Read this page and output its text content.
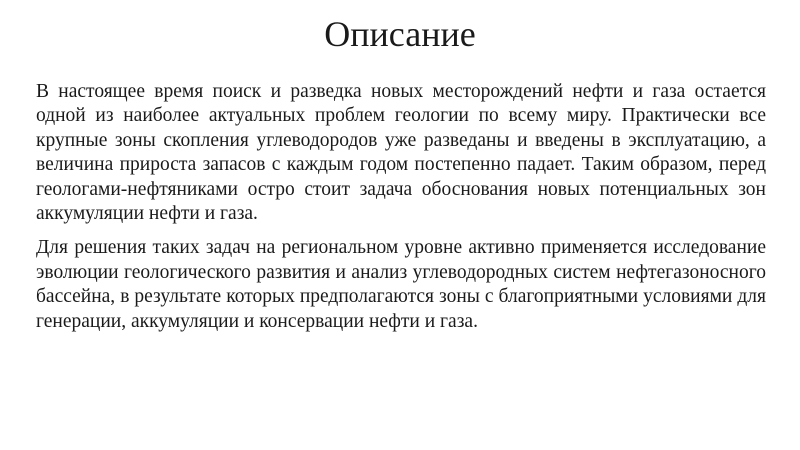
Описание

В настоящее время поиск и разведка новых месторождений нефти и газа остается одной из наиболее актуальных проблем геологии по всему миру. Практически все крупные зоны скопления углеводородов уже разведаны и введены в эксплуатацию, а величина прироста запасов с каждым годом постепенно падает. Таким образом, перед геологами-нефтяниками остро стоит задача обоснования новых потенциальных зон аккумуляции нефти и газа.

Для решения таких задач на региональном уровне активно применяется исследование эволюции геологического развития и анализ углеводородных систем нефтегазоносного бассейна, в результате которых предполагаются зоны с благоприятными условиями для генерации, аккумуляции и консервации нефти и газа.
